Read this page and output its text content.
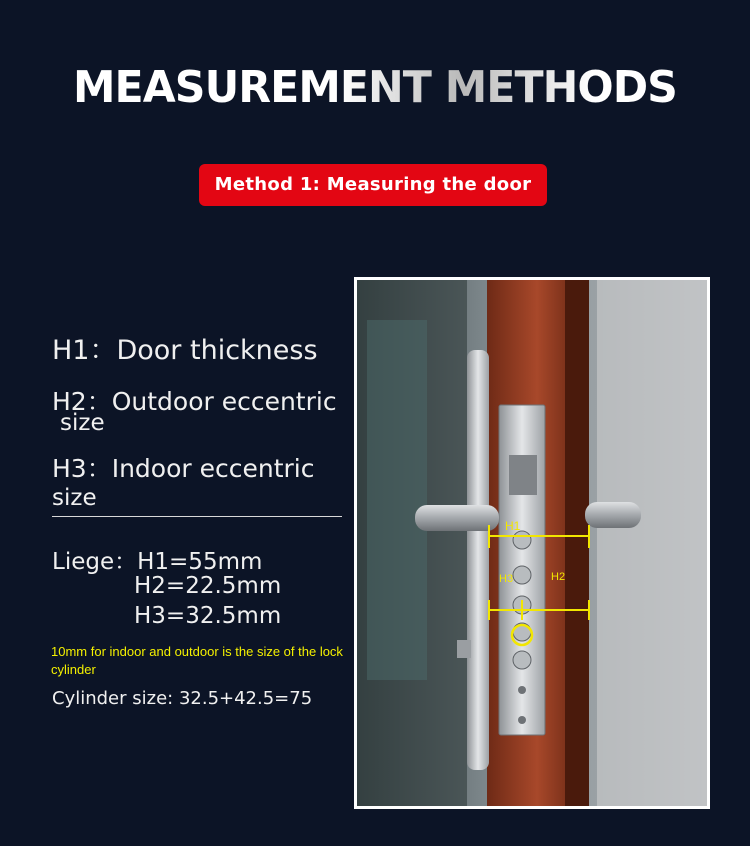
MEASUREMENT METHODS
Method 1: Measuring the door
H1：Door thickness
H2：Outdoor eccentric
size
H3：Indoor eccentric
size
Liege：H1=55mm
H2=22.5mm
H3=32.5mm
10mm for indoor and outdoor is the size of the lock cylinder
Cylinder size: 32.5+42.5=75
H1
H3	H2
